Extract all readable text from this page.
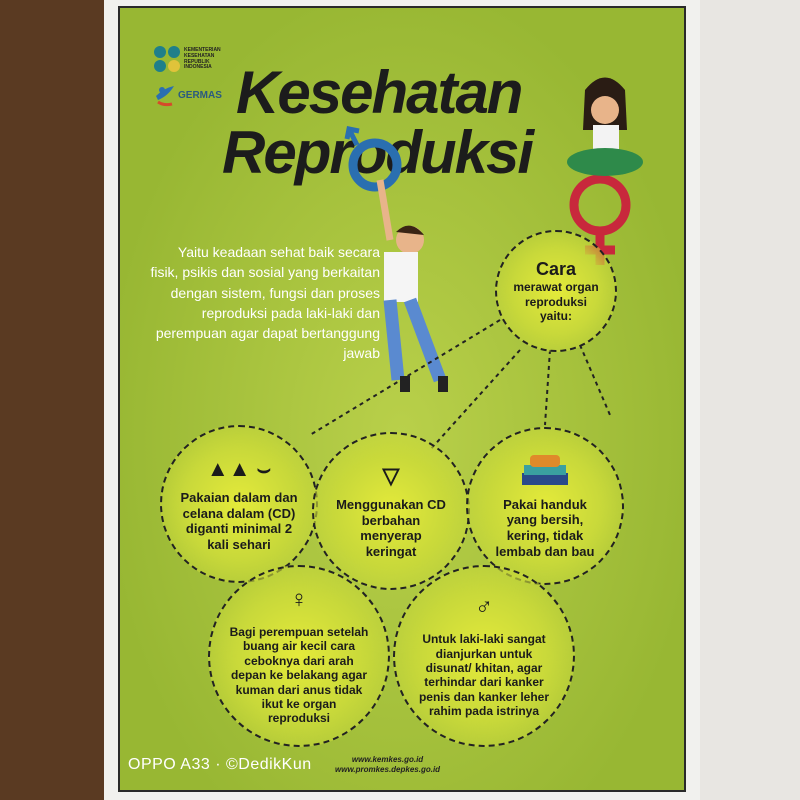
KEMENTERIAN KESEHATAN REPUBLIK INDONESIA
GERMAS Kesehatan
Reproduksi
Yaitu keadaan sehat baik secara fisik, psikis dan sosial yang berkaitan dengan sistem, fungsi dan proses reproduksi pada laki-laki dan perempuan agar dapat bertanggung jawab
Cara
merawat organ reproduksi yaitu:
▲▲ ⌣
Pakaian dalam dan celana dalam (CD) diganti minimal 2 kali sehari
▽
Menggunakan CD berbahan menyerap keringat
Pakai handuk yang bersih, kering, tidak lembab dan bau
♀
Bagi perempuan setelah buang air kecil cara ceboknya dari arah depan ke belakang agar kuman dari anus tidak ikut ke organ reproduksi
♂
Untuk laki-laki sangat dianjurkan untuk disunat/ khitan, agar terhindar dari kanker penis dan kanker leher rahim pada istrinya
www.kemkes.go.id
www.promkes.depkes.go.id
OPPO A33 · ©DedikKun
